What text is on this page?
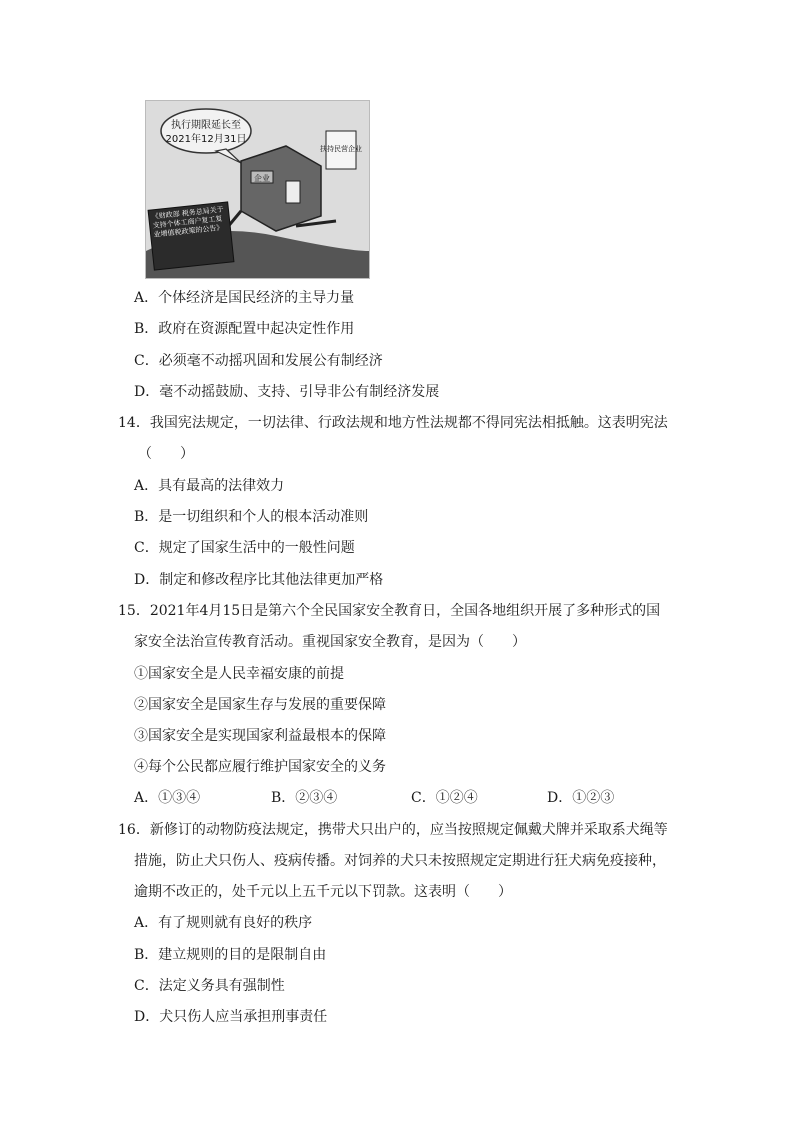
执行期限延长至
2021年12月31日
企业
扶持民营企业
《财政部 税务总局关于支持个体工商户复工复业增值税政策的公告》
A．个体经济是国民经济的主导力量
B．政府在资源配置中起决定性作用
C．必须毫不动摇巩固和发展公有制经济
D．毫不动摇鼓励、支持、引导非公有制经济发展
14．我国宪法规定，一切法律、行政法规和地方性法规都不得同宪法相抵触。这表明宪法
（　　）
A．具有最高的法律效力
B．是一切组织和个人的根本活动准则
C．规定了国家生活中的一般性问题
D．制定和修改程序比其他法律更加严格
15．2021年4月15日是第六个全民国家安全教育日，全国各地组织开展了多种形式的国
家安全法治宣传教育活动。重视国家安全教育，是因为（　　）
①国家安全是人民幸福安康的前提
②国家安全是国家生存与发展的重要保障
③国家安全是实现国家利益最根本的保障
④每个公民都应履行维护国家安全的义务
A．①③④	B．②③④	C．①②④	D．①②③
16．新修订的动物防疫法规定，携带犬只出户的，应当按照规定佩戴犬牌并采取系犬绳等
措施，防止犬只伤人、疫病传播。对饲养的犬只未按照规定定期进行狂犬病免疫接种，
逾期不改正的，处千元以上五千元以下罚款。这表明（　　）
A．有了规则就有良好的秩序
B．建立规则的目的是限制自由
C．法定义务具有强制性
D．犬只伤人应当承担刑事责任
